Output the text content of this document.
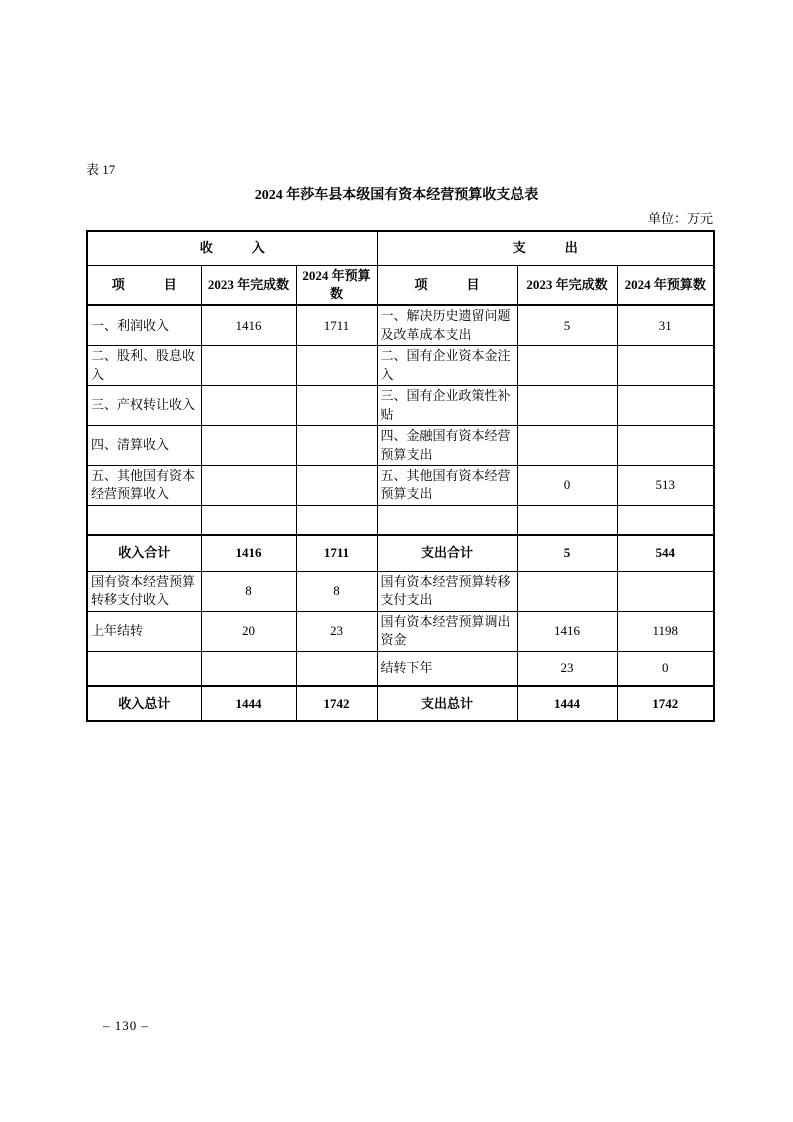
表 17
2024 年莎车县本级国有资本经营预算收支总表
单位：万元
收　　　入			支　　　出		
项　　　目	2023 年完成数	2024 年预算数	项　　　目	2023 年完成数	2024 年预算数
一、利润收入	1416	1711	一、解决历史遗留问题及改革成本支出	5	31
二、股利、股息收入			二、国有企业资本金注入		
三、产权转让收入			三、国有企业政策性补贴		
四、清算收入			四、金融国有资本经营预算支出		
五、其他国有资本经营预算收入			五、其他国有资本经营预算支出	0	513

收入合计	1416	1711	支出合计	5	544
国有资本经营预算转移支付收入	8	8	国有资本经营预算转移支付支出		
上年结转	20	23	国有资本经营预算调出资金	1416	1198
			结转下年	23	0
收入总计	1444	1742	支出总计	1444	1742
– 130 –
